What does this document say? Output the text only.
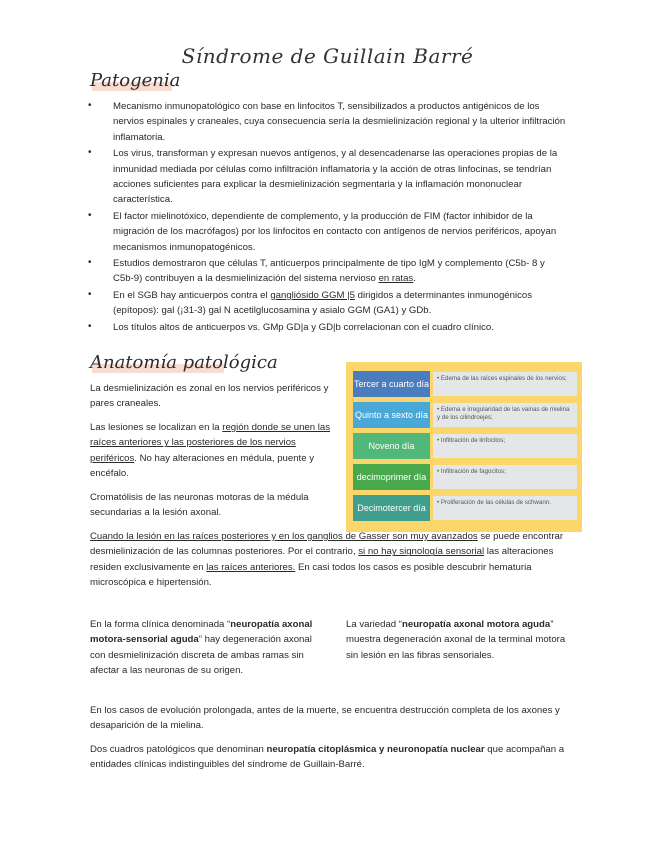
Síndrome de Guillain Barré
Patogenia
• Mecanismo inmunopatológico con base en linfocitos T, sensibilizados a productos antigénicos de los nervios espinales y craneales, cuya consecuencia sería la desmielinización regional y la ulterior infiltración inflamatoria.
• Los virus, transforman y expresan nuevos antígenos, y al desencadenarse las operaciones propias de la inmunidad mediada por células como infiltración inflamatoria y la acción de otras linfocinas, se tendrían acciones suficientes para explicar la desmielinización segmentaria y la inflamación mononuclear característica.
• El factor mielinotóxico, dependiente de complemento, y la producción de FIM (factor inhibidor de la migración de los macrófagos) por los linfocitos en contacto con antígenos de nervios periféricos, apoyan mecanismos inmunopatogénicos.
• Estudios demostraron que células T, anticuerpos principalmente de tipo IgM y complemento (C5b- 8 y C5b-9) contribuyen a la desmielinización del sistema nervioso en ratas.
• En el SGB hay anticuerpos contra el gangliósido GGM |5 dirigidos a determinantes inmunogénicos (epítopos): gal (¡31-3) gal N acetilglucosamina y asialo GGM (GA1) y GDb.
• Los títulos altos de anticuerpos vs. GMp GD|a y GD|b correlacionan con el cuadro clínico.
Anatomía patológica

La desmielinización es zonal en los nervios periféricos y pares craneales.

Las lesiones se localizan en la región donde se unen las raíces anteriores y las posteriores de los nervios periféricos. No hay alteraciones en médula, puente y encéfalo.

Cromatólisis de las neuronas motoras de la médula secundarias a la lesión axonal.

Tercer a cuarto día	• Edema de las raíces espinales de los nervios;
Quinto a sexto día	• Edema e irregularidad de las vainas de mielina y de los cilindroejes;
Noveno día	• Infiltración de linfocitos;
decimoprimer día	• Infiltración de fagocitos;
Decimotercer día	• Proliferación de las células de schwann.

Cuando la lesión en las raíces posteriores y en los ganglios de Gasser son muy avanzados se puede encontrar desmielinización de las columnas posteriores. Por el contrario, si no hay signología sensorial las alteraciones residen exclusivamente en las raíces anteriores. En casi todos los casos es posible descubrir hematuria microscópica e hipertensión.

En la forma clínica denominada “neuropatía axonal motora-sensorial aguda” hay degeneración axonal con desmielinización discreta de ambas ramas sin afectar a las neuronas de su origen.

La variedad “neuropatía axonal motora aguda” muestra degeneración axonal de la terminal motora sin lesión en las fibras sensoriales.

En los casos de evolución prolongada, antes de la muerte, se encuentra destrucción completa de los axones y desaparición de la mielina.

Dos cuadros patológicos que denominan neuropatía citoplásmica y neuronopatía nuclear que acompañan a entidades clínicas indistinguibles del síndrome de Guillain-Barré.
